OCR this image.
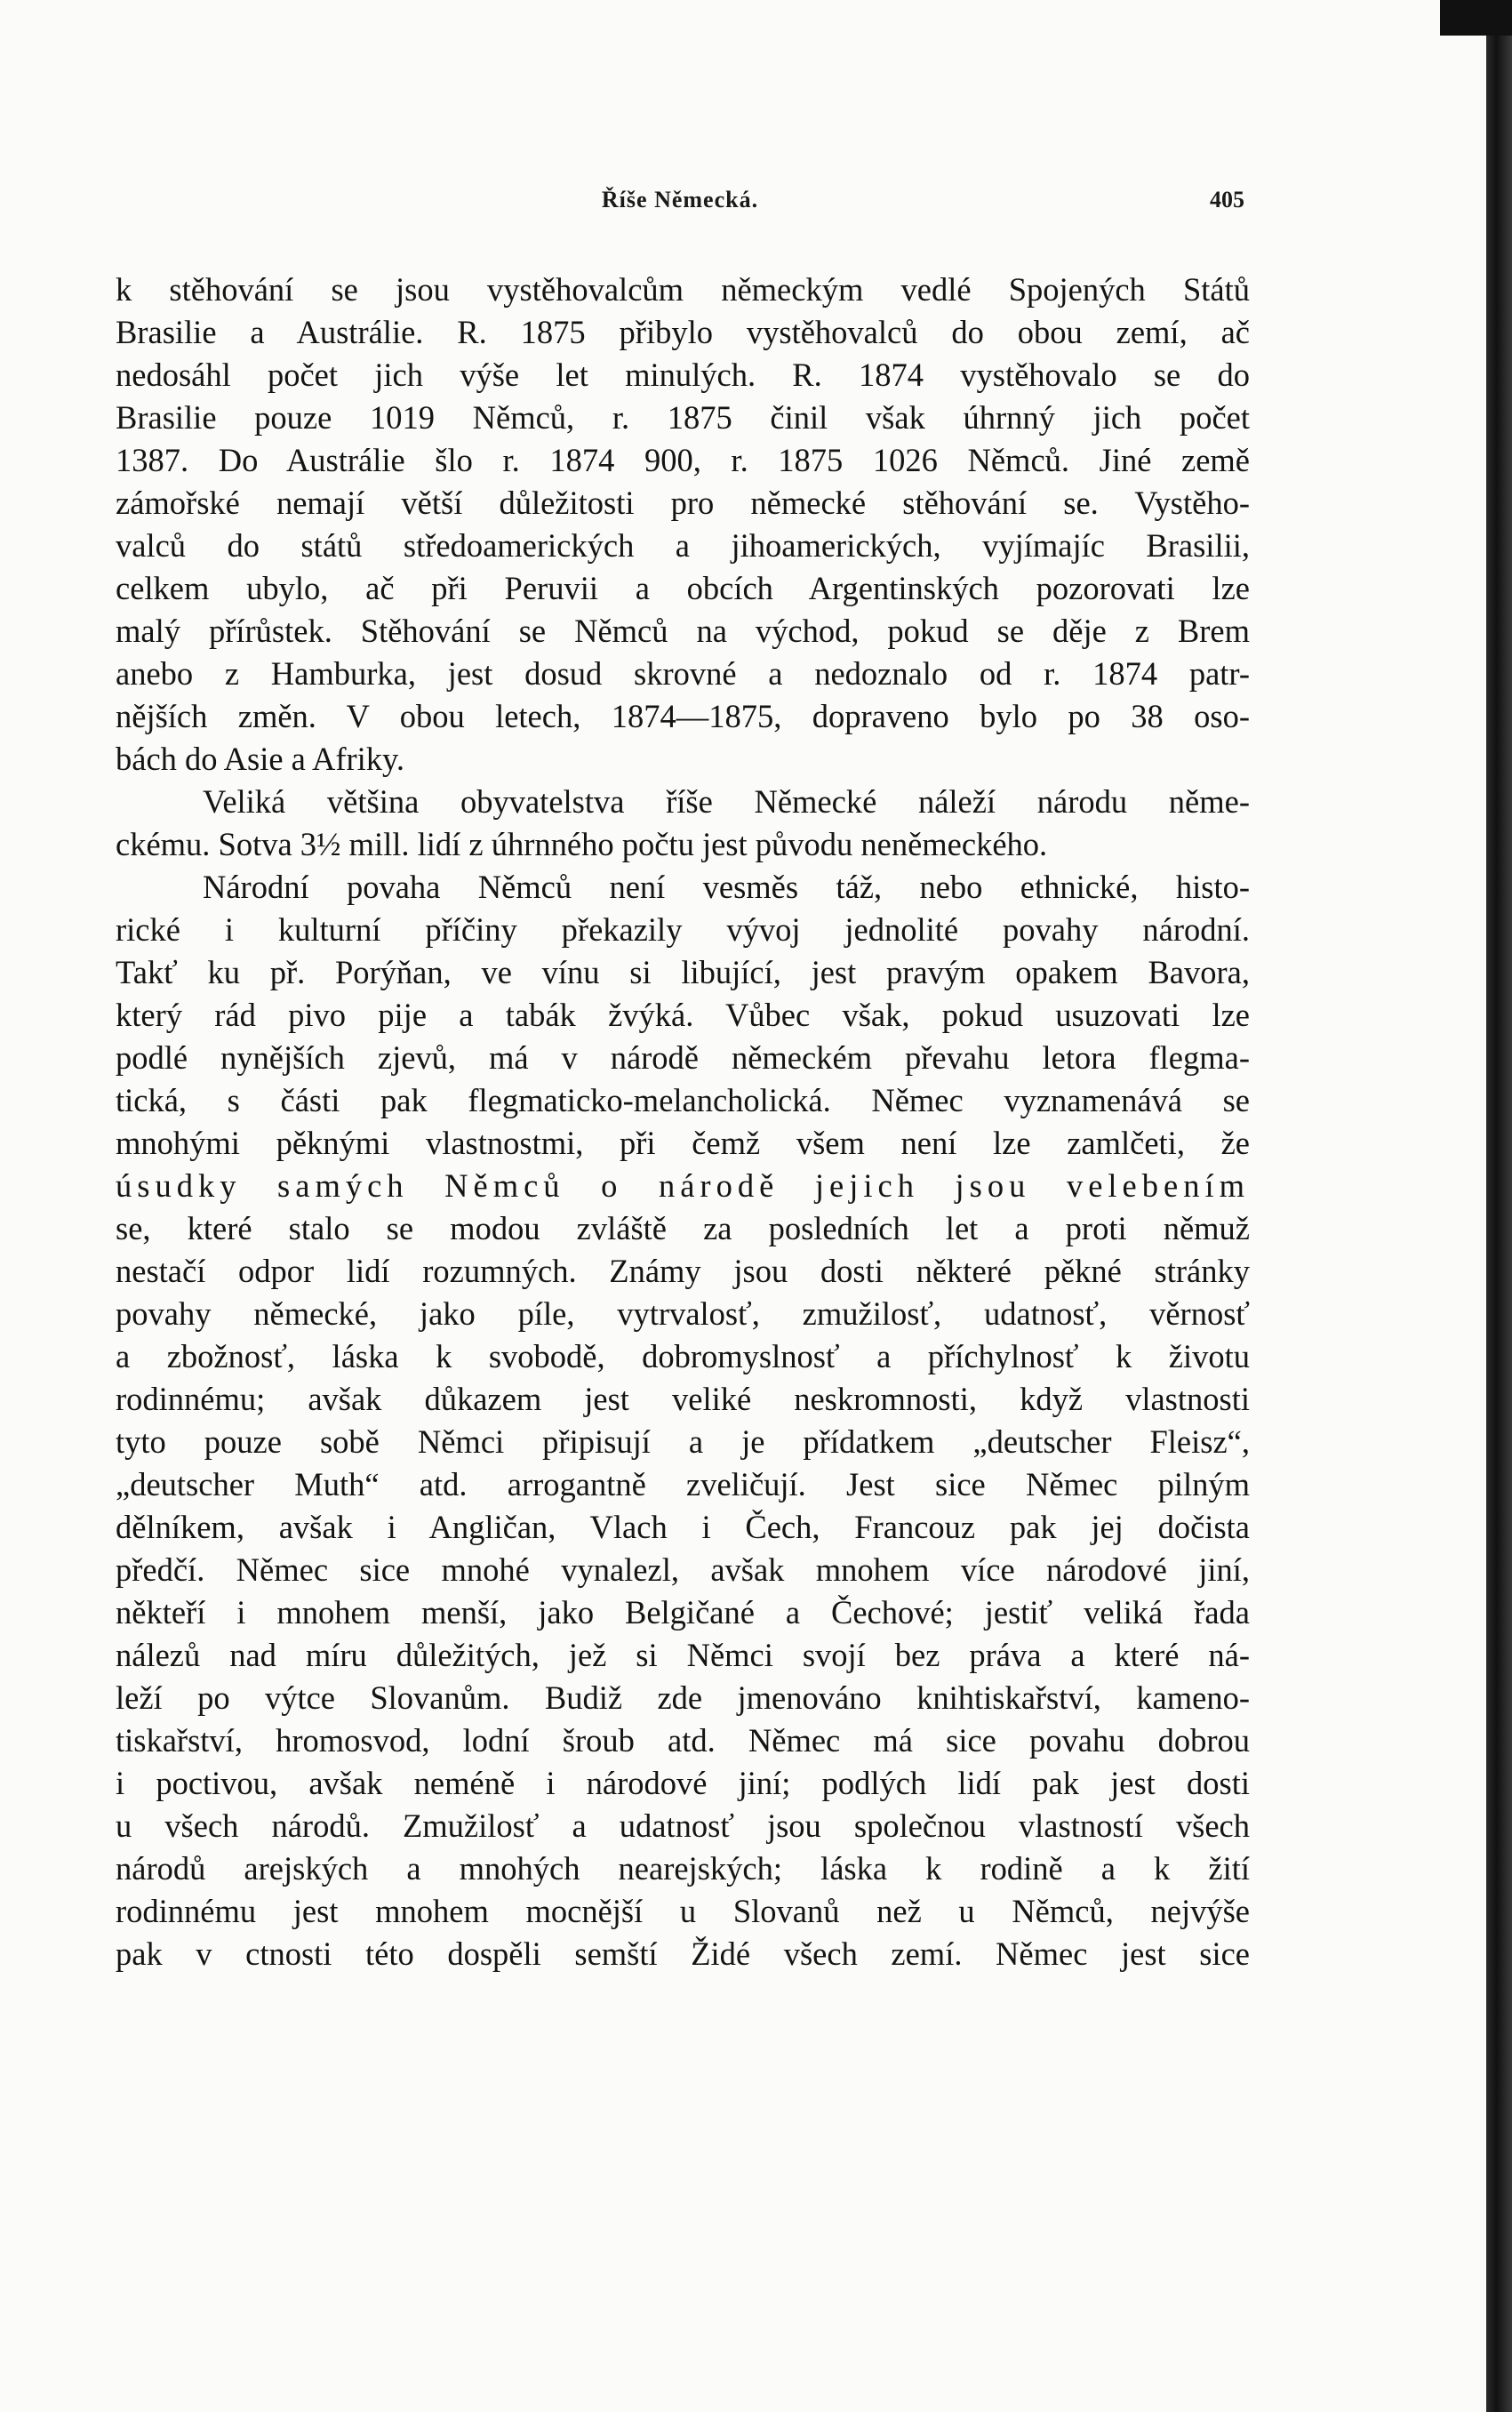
Říše Německá.	405
k stěhování se jsou vystěhovalcům německým vedlé Spojených Států
Brasilie a Austrálie. R. 1875 přibylo vystěhovalců do obou zemí, ač
nedosáhl počet jich výše let minulých. R. 1874 vystěhovalo se do
Brasilie pouze 1019 Němců, r. 1875 činil však úhrnný jich počet
1387. Do Austrálie šlo r. 1874 900, r. 1875 1026 Němců. Jiné země
zámořské nemají větší důležitosti pro německé stěhování se. Vystěho-
valců do států středoamerických a jihoamerických, vyjímajíc Brasilii,
celkem ubylo, ač při Peruvii a obcích Argentinských pozorovati lze
malý přírůstek. Stěhování se Němců na východ, pokud se děje z Brem
anebo z Hamburka, jest dosud skrovné a nedoznalo od r. 1874 patr-
nějších změn. V obou letech, 1874—1875, dopraveno bylo po 38 oso-
bách do Asie a Afriky.
Veliká většina obyvatelstva říše Německé náleží národu něme-
ckému. Sotva 3½ mill. lidí z úhrnného počtu jest původu neněmeckého.
Národní povaha Němců není vesměs táž, nebo ethnické, histo-
rické i kulturní příčiny překazily vývoj jednolité povahy národní.
Takť ku př. Porýňan, ve vínu si libující, jest pravým opakem Bavora,
který rád pivo pije a tabák žvýká. Vůbec však, pokud usuzovati lze
podlé nynějších zjevů, má v národě německém převahu letora flegma-
tická, s části pak flegmaticko-melancholická. Němec vyznamenává se
mnohými pěknými vlastnostmi, při čemž všem není lze zamlčeti, že
úsudky samých Němců o národě jejich jsou velebením
se, které stalo se modou zvláště za posledních let a proti němuž
nestačí odpor lidí rozumných. Známy jsou dosti některé pěkné stránky
povahy německé, jako píle, vytrvalosť, zmužilosť, udatnosť, věrnosť
a zbožnosť, láska k svobodě, dobromyslnosť a příchylnosť k životu
rodinnému; avšak důkazem jest veliké neskromnosti, když vlastnosti
tyto pouze sobě Němci připisují a je přídatkem „deutscher Fleisz“,
„deutscher Muth“ atd. arrogantně zveličují. Jest sice Němec pilným
dělníkem, avšak i Angličan, Vlach i Čech, Francouz pak jej dočista
předčí. Němec sice mnohé vynalezl, avšak mnohem více národové jiní,
někteří i mnohem menší, jako Belgičané a Čechové; jestiť veliká řada
nálezů nad míru důležitých, jež si Němci svojí bez práva a které ná-
leží po výtce Slovanům. Budiž zde jmenováno knihtiskařství, kameno-
tiskařství, hromosvod, lodní šroub atd. Němec má sice povahu dobrou
i poctivou, avšak neméně i národové jiní; podlých lidí pak jest dosti
u všech národů. Zmužilosť a udatnosť jsou společnou vlastností všech
národů arejských a mnohých nearejských; láska k rodině a k žití
rodinnému jest mnohem mocnější u Slovanů než u Němců, nejvýše
pak v ctnosti této dospěli semští Židé všech zemí. Němec jest sice
